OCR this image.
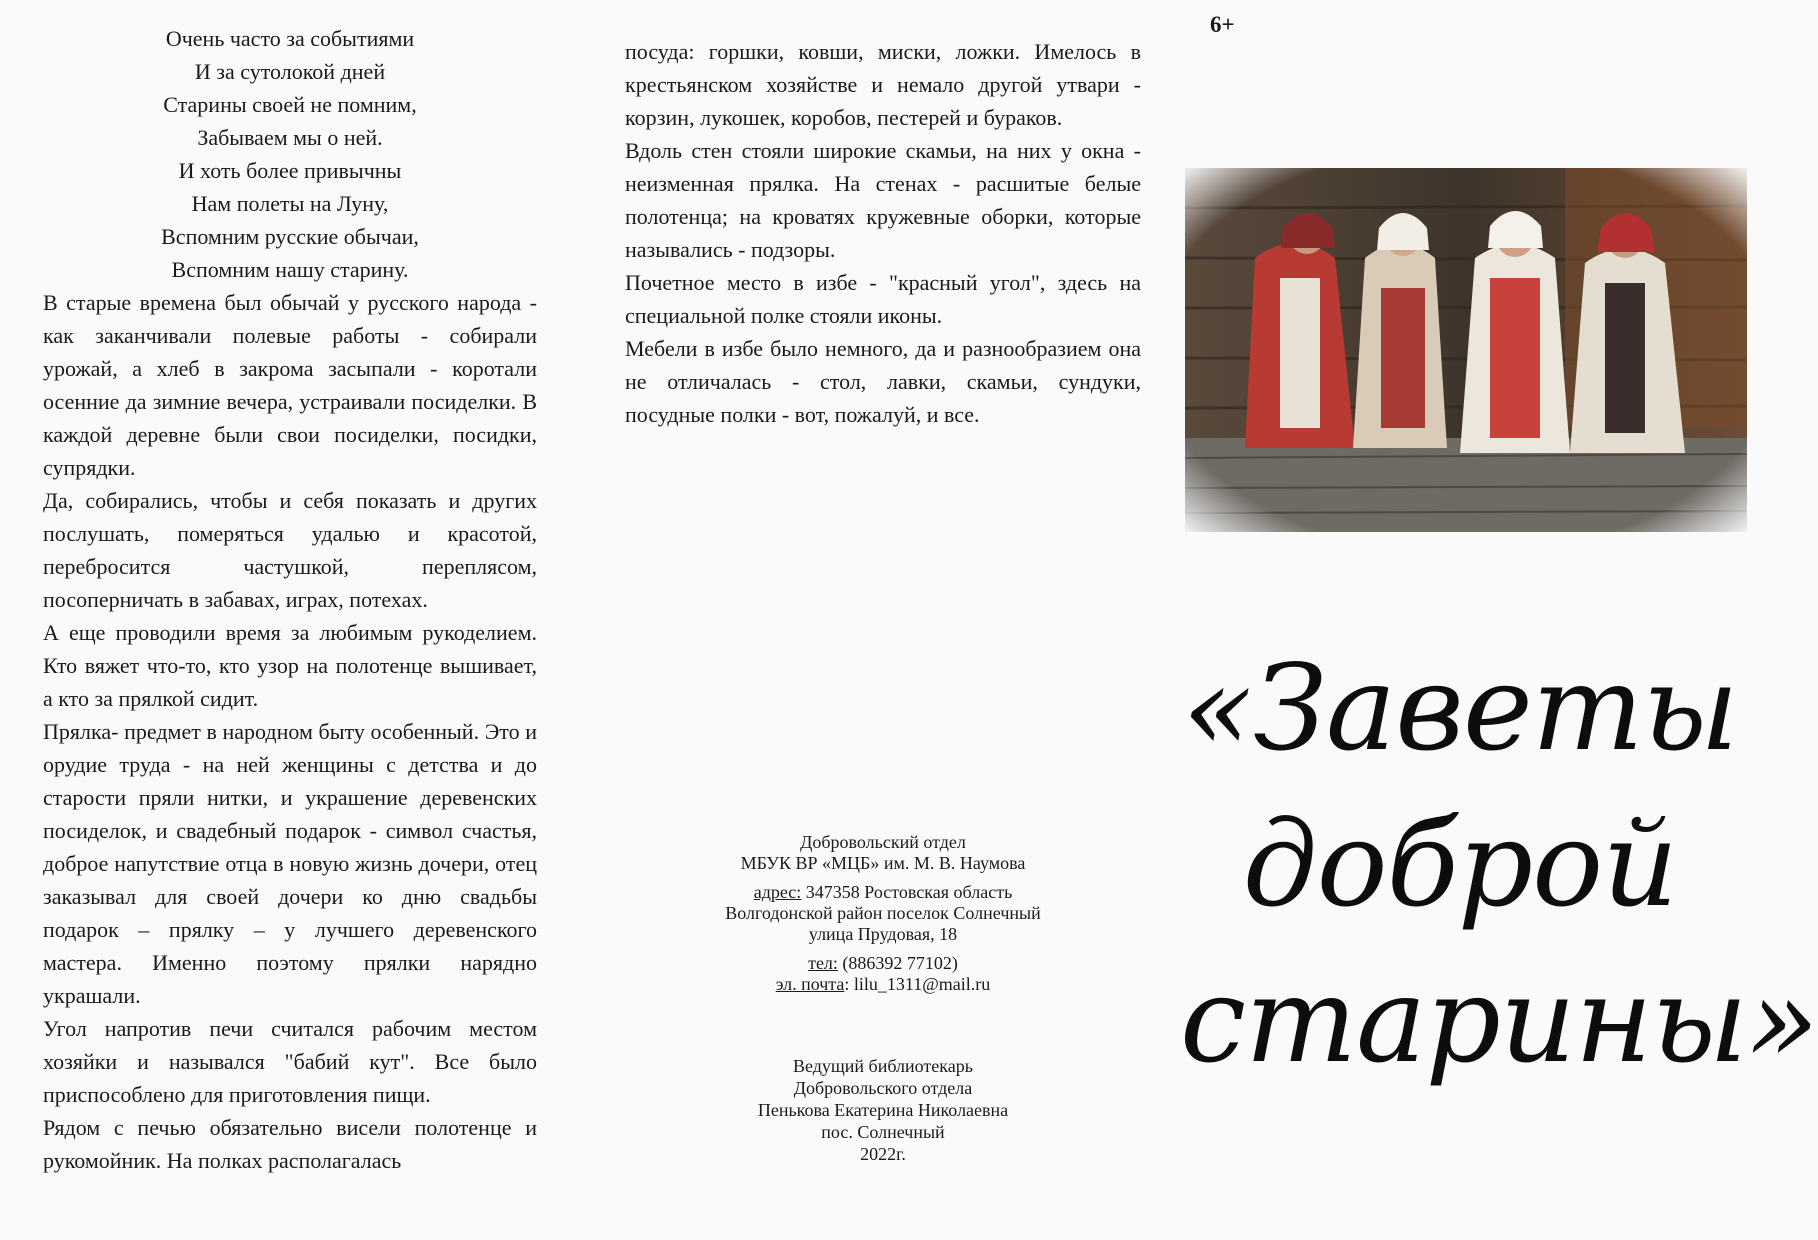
Очень часто за событиями
И за сутолокой дней
Старины своей не помним,
Забываем мы о ней.
И хоть более привычны
Нам полеты на Луну,
Вспомним русские обычаи,
Вспомним нашу старину.

В старые времена был обычай у русского народа - как заканчивали полевые работы - собирали урожай, а хлеб в закрома засыпали - коротали осенние да зимние вечера, устраивали посиделки. В каждой деревне были свои посиделки, посидки, супрядки.

Да, собирались, чтобы и себя показать и других послушать, померяться удалью и красотой, перебросится частушкой, переплясом, посоперничать в забавах, играх, потехах.

А еще проводили время за любимым рукоделием. Кто вяжет что-то, кто узор на полотенце вышивает, а кто за прялкой сидит.

Прялка- предмет в народном быту особенный. Это и орудие труда - на ней женщины с детства и до старости пряли нитки, и украшение деревенских посиделок, и свадебный подарок - символ счастья, доброе напутствие отца в новую жизнь дочери, отец заказывал для своей дочери ко дню свадьбы подарок – прялку – у лучшего деревенского мастера. Именно поэтому прялки нарядно украшали.

Угол напротив печи считался рабочим местом хозяйки и назывался "бабий кут". Все было приспособлено для приготовления пищи.

Рядом с печью обязательно висели полотенце и рукомойник. На полках располагалась

посуда: горшки, ковши, миски, ложки. Имелось в крестьянском хозяйстве и немало другой утвари - корзин, лукошек, коробов, пестерей и бураков.

Вдоль стен стояли широкие скамьи, на них у окна - неизменная прялка. На стенах - расшитые белые полотенца; на кроватях кружевные оборки, которые назывались - подзоры.

Почетное место в избе - "красный угол", здесь на специальной полке стояли иконы.

Мебели в избе было немного, да и разнообразием она не отличалась - стол, лавки, скамьи, сундуки, посудные полки - вот, пожалуй, и все.

Добровольский отдел
МБУК ВР «МЦБ» им. М. В. Наумова
адрес: 347358 Ростовская область
Волгодонской район поселок Солнечный
улица Прудовая, 18
тел: (886392 77102)
эл. почта: lilu_1311@mail.ru
Ведущий библиотекарь
Добровольского отдела
Пенькова Екатерина Николаевна
пос. Солнечный
2022г.
6+
«Заветы
доброй
старины»
